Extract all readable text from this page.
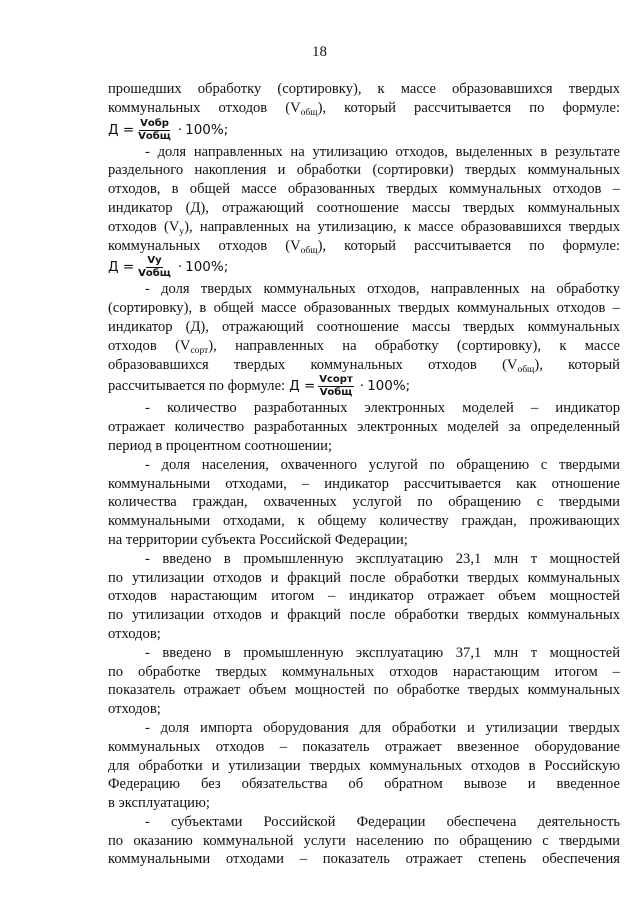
18
прошедших обработку (сортировку), к массе образовавшихся твердых
коммунальных отходов $(V_{общ})$, который рассчитывается по формуле:
$Д = \frac{\text{Vобр}}{\text{Vобщ}} \cdot 100\%$;
- доля направленных на утилизацию отходов, выделенных в результате
раздельного накопления и обработки (сортировки) твердых коммунальных
отходов, в общей массе образованных твердых коммунальных отходов –
индикатор (Д), отражающий соотношение массы твердых коммунальных
отходов $(V_у)$, направленных на утилизацию, к массе образовавшихся твердых
коммунальных отходов $(V_{общ})$, который рассчитывается по формуле:
$Д = \frac{Vу}{\text{Vобщ}} \cdot 100\%$;
- доля твердых коммунальных отходов, направленных на обработку
(сортировку), в общей массе образованных твердых коммунальных отходов –
индикатор (Д), отражающий соотношение массы твердых коммунальных
отходов $(V_{сорт})$, направленных на обработку (сортировку), к массе
образовавшихся твердых коммунальных отходов $(V_{общ})$, который
рассчитывается по формуле: $Д = \frac{\text{Vсорт}}{\text{Vобщ}} \cdot 100\%$;
- количество разработанных электронных моделей – индикатор
отражает количество разработанных электронных моделей за определенный
период в процентном соотношении;
- доля населения, охваченного услугой по обращению с твердыми
коммунальными отходами, – индикатор рассчитывается как отношение
количества граждан, охваченных услугой по обращению с твердыми
коммунальными отходами, к общему количеству граждан, проживающих
на территории субъекта Российской Федерации;
- введено в промышленную эксплуатацию 23,1 млн т мощностей
по утилизации отходов и фракций после обработки твердых коммунальных
отходов нарастающим итогом – индикатор отражает объем мощностей
по утилизации отходов и фракций после обработки твердых коммунальных
отходов;
- введено в промышленную эксплуатацию 37,1 млн т мощностей
по обработке твердых коммунальных отходов нарастающим итогом –
показатель отражает объем мощностей по обработке твердых коммунальных
отходов;
- доля импорта оборудования для обработки и утилизации твердых
коммунальных отходов – показатель отражает ввезенное оборудование
для обработки и утилизации твердых коммунальных отходов в Российскую
Федерацию без обязательства об обратном вывозе и введенное
в эксплуатацию;
- субъектами Российской Федерации обеспечена деятельность
по оказанию коммунальной услуги населению по обращению с твердыми
коммунальными отходами – показатель отражает степень обеспечения
